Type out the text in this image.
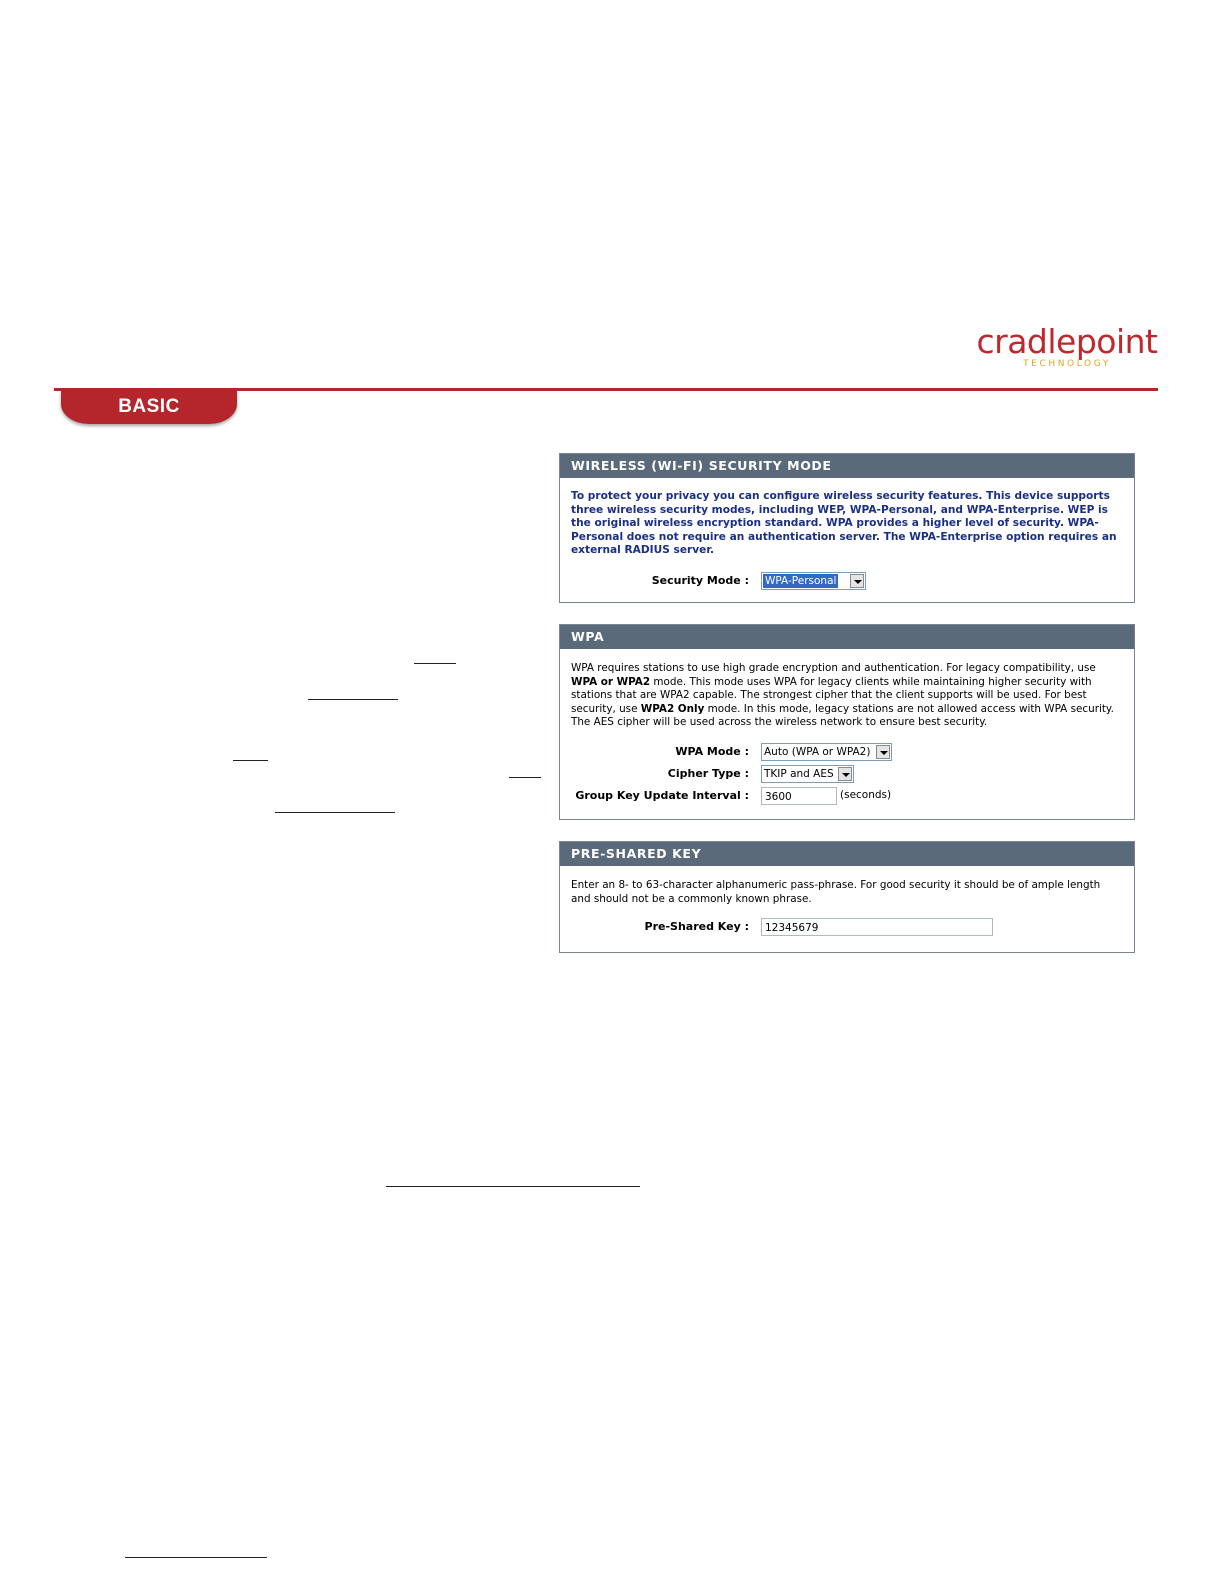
cradlepoint
TECHNOLOGY
BASIC
WIRELESS (WI-FI) SECURITY MODE
To protect your privacy you can configure wireless security features. This device supports three wireless security modes, including WEP, WPA-Personal, and WPA-Enterprise. WEP is the original wireless encryption standard. WPA provides a higher level of security. WPA-Personal does not require an authentication server. The WPA-Enterprise option requires an external RADIUS server.
Security Mode : WPA-Personal
WPA
WPA requires stations to use high grade encryption and authentication. For legacy compatibility, use WPA or WPA2 mode. This mode uses WPA for legacy clients while maintaining higher security with stations that are WPA2 capable. The strongest cipher that the client supports will be used. For best security, use WPA2 Only mode. In this mode, legacy stations are not allowed access with WPA security. The AES cipher will be used across the wireless network to ensure best security.
WPA Mode : Auto (WPA or WPA2)
Cipher Type : TKIP and AES
Group Key Update Interval :	3600	(seconds)
PRE-SHARED KEY
Enter an 8- to 63-character alphanumeric pass-phrase. For good security it should be of ample length and should not be a commonly known phrase.
Pre-Shared Key :	12345679
